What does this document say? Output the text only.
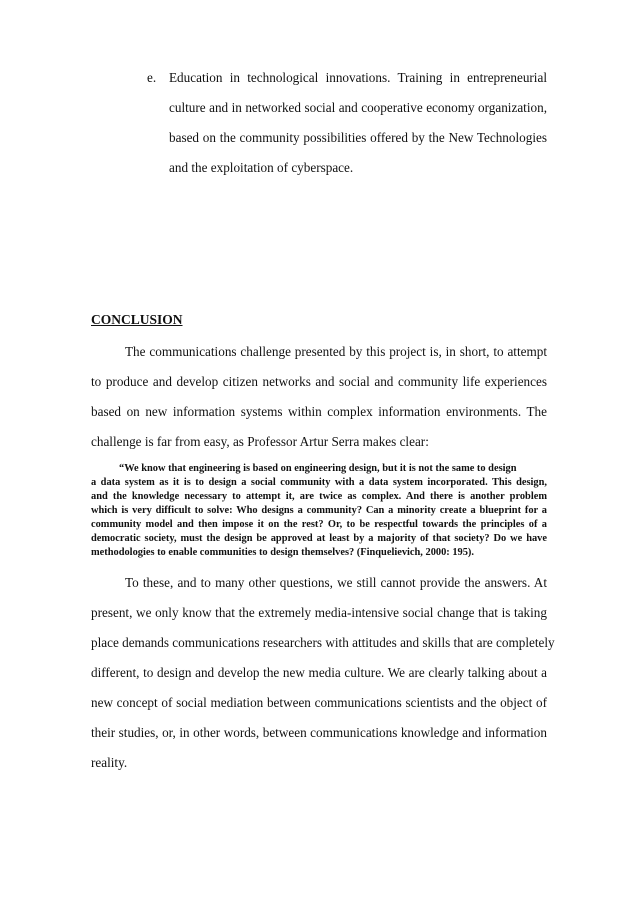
e. Education in technological innovations. Training in entrepreneurial
culture and in networked social and cooperative economy organization,
based on the community possibilities offered by the New Technologies
and the exploitation of cyberspace.
CONCLUSION
The communications challenge presented by this project is, in short, to attempt
to produce and develop citizen networks and social and community life experiences
based on new information systems within complex information environments. The
challenge is far from easy, as Professor Artur Serra makes clear:
“We know that engineering is based on engineering design, but it is not the same to design
a data system as it is to design a social community with a data system incorporated. This design,
and the knowledge necessary to attempt it, are twice as complex. And there is another problem
which is very difficult to solve: Who designs a community? Can a minority create a blueprint for a
community model and then impose it on the rest? Or, to be respectful towards the principles of a
democratic society, must the design be approved at least by a majority of that society? Do we have
methodologies to enable communities to design themselves? (Finquelievich, 2000: 195).
To these, and to many other questions, we still cannot provide the answers. At
present, we only know that the extremely media-intensive social change that is taking
place demands communications researchers with attitudes and skills that are completely
different, to design and develop the new media culture. We are clearly talking about a
new concept of social mediation between communications scientists and the object of
their studies, or, in other words, between communications knowledge and information
reality.
